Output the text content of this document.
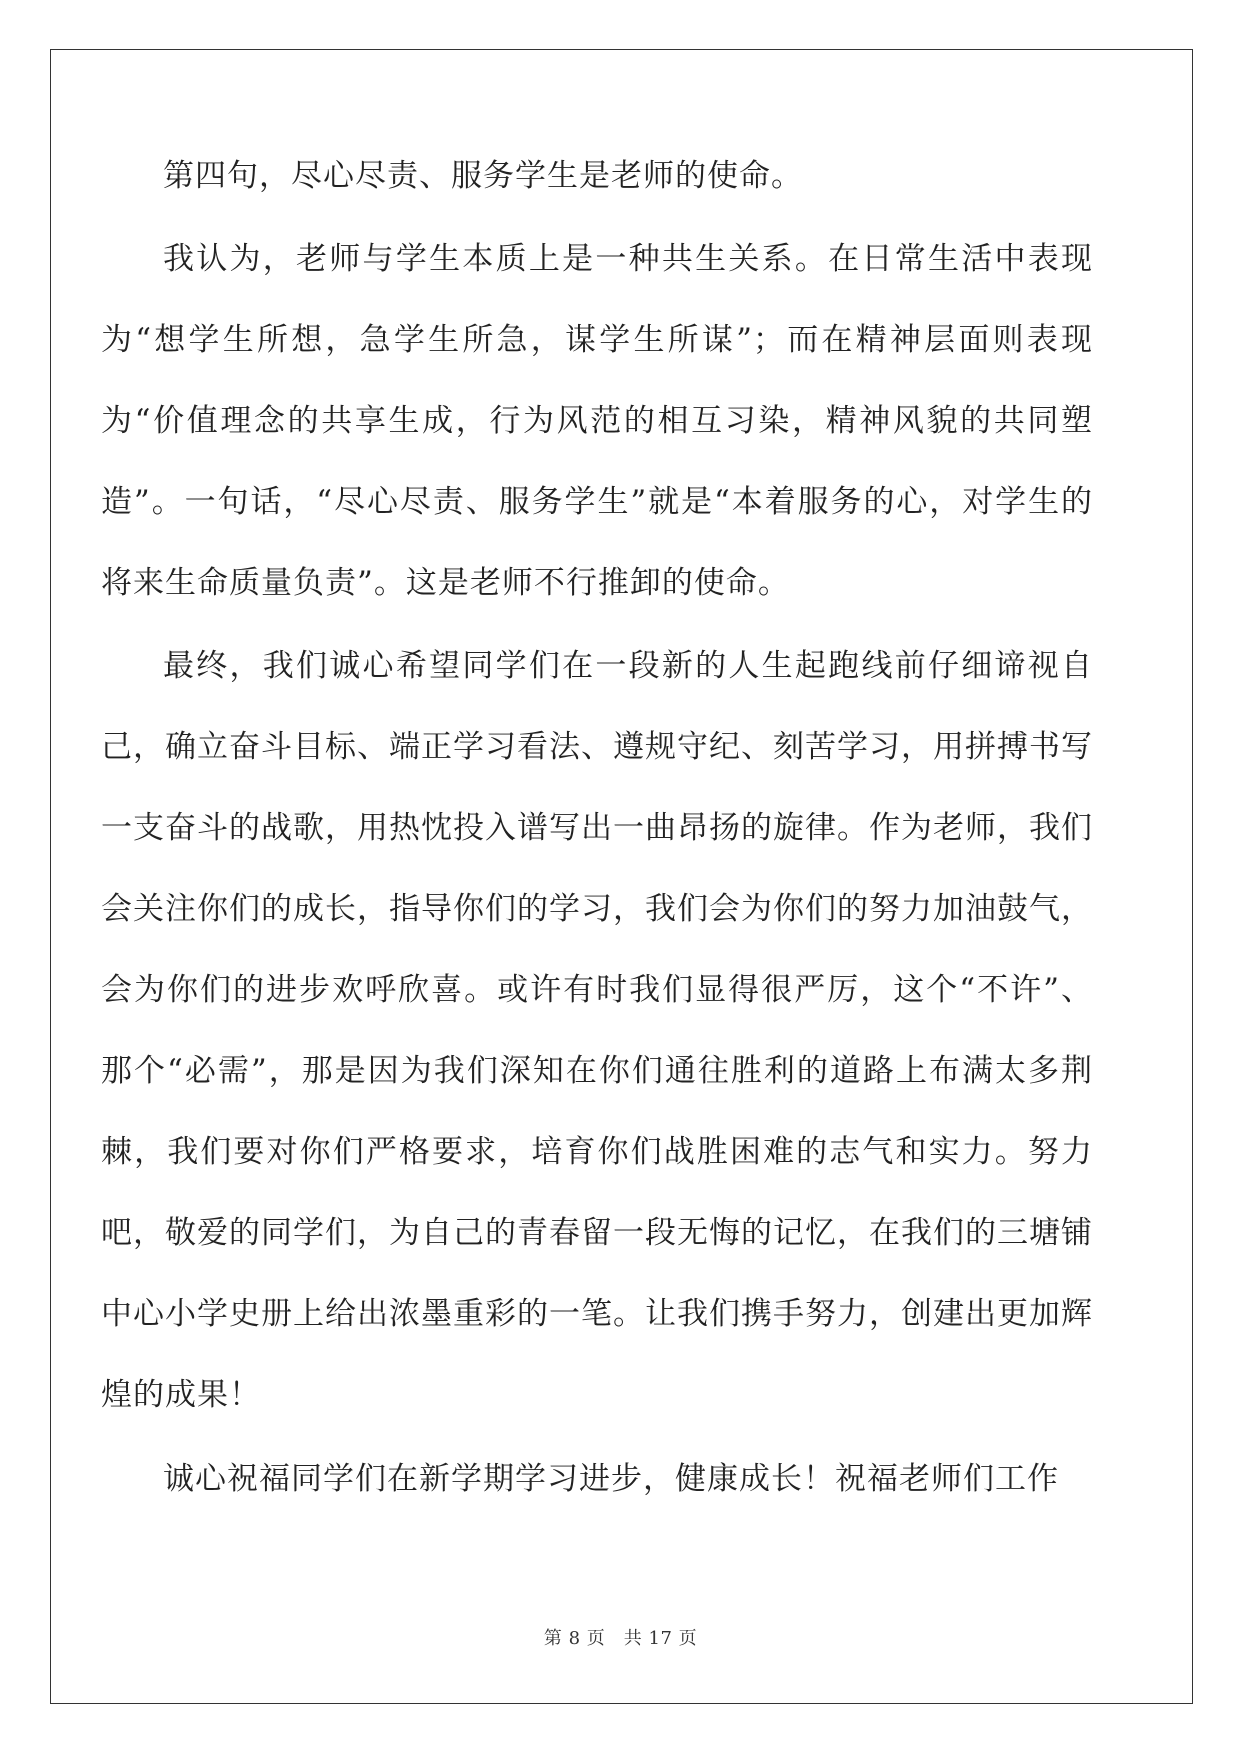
第四句，尽心尽责、服务学生是老师的使命。

我认为，老师与学生本质上是一种共生关系。在日常生活中表现为“想学生所想，急学生所急，谋学生所谋”；而在精神层面则表现为“价值理念的共享生成，行为风范的相互习染，精神风貌的共同塑造”。一句话，“尽心尽责、服务学生”就是“本着服务的心，对学生的将来生命质量负责”。这是老师不行推卸的使命。

最终，我们诚心希望同学们在一段新的人生起跑线前仔细谛视自己，确立奋斗目标、端正学习看法、遵规守纪、刻苦学习，用拼搏书写一支奋斗的战歌，用热忱投入谱写出一曲昂扬的旋律。作为老师，我们会关注你们的成长，指导你们的学习，我们会为你们的努力加油鼓气，会为你们的进步欢呼欣喜。或许有时我们显得很严厉，这个“不许”、那个“必需”，那是因为我们深知在你们通往胜利的道路上布满太多荆棘，我们要对你们严格要求，培育你们战胜困难的志气和实力。努力吧，敬爱的同学们，为自己的青春留一段无悔的记忆，在我们的三塘铺中心小学史册上给出浓墨重彩的一笔。让我们携手努力，创建出更加辉煌的成果！

诚心祝福同学们在新学期学习进步，健康成长！祝福老师们工作

第 8 页　共 17 页
